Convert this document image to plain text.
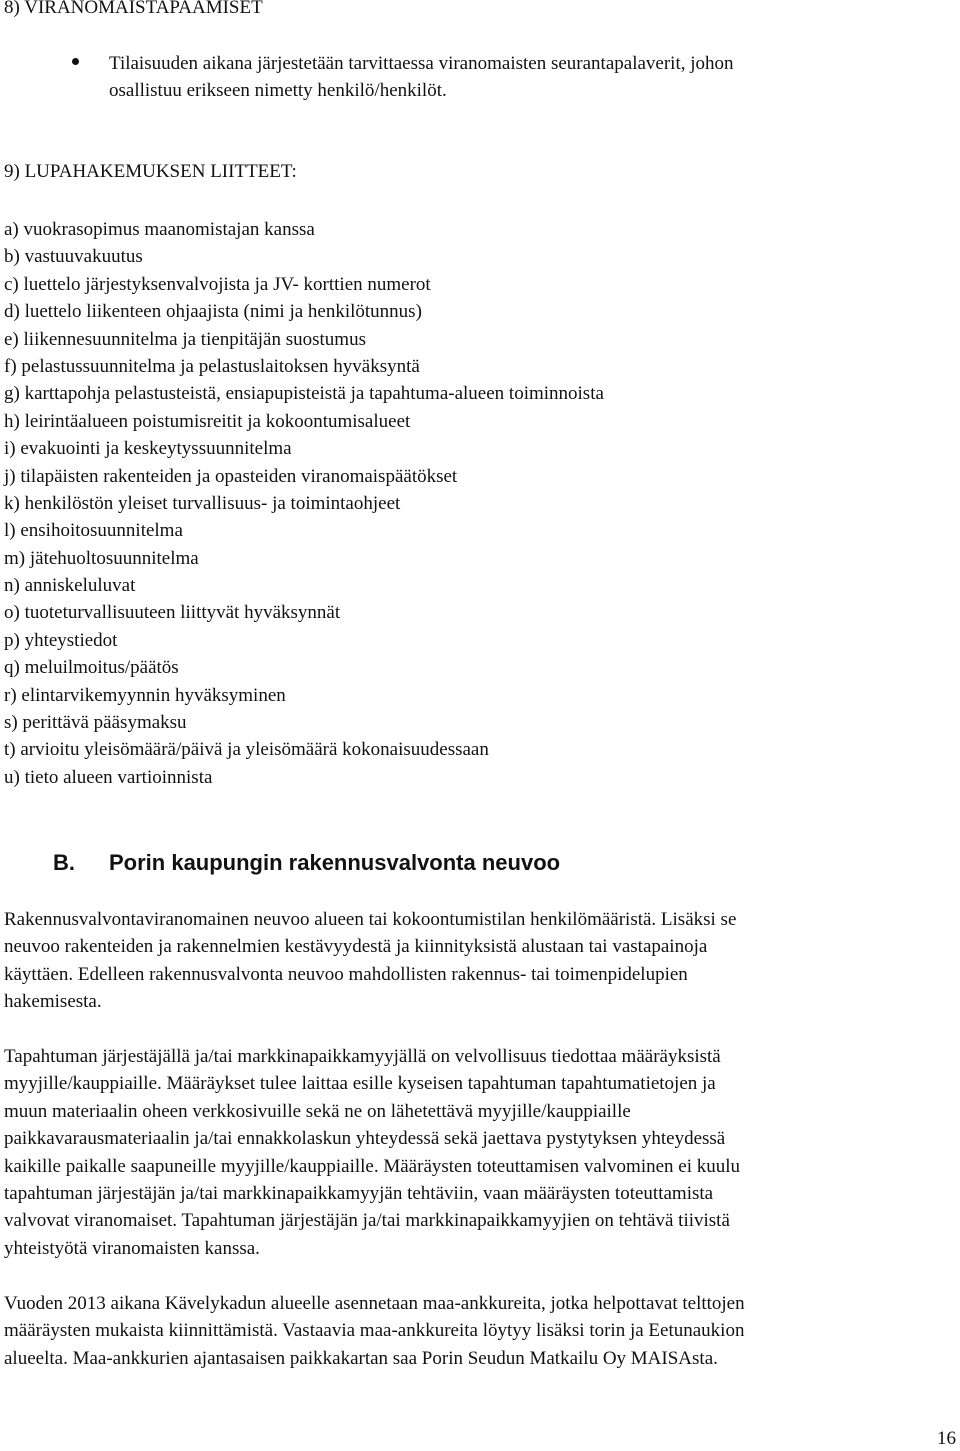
8) VIRANOMAISTAPAAMISET

Tilaisuuden aikana järjestetään tarvittaessa viranomaisten seurantapalaverit, johon
osallistuu erikseen nimetty henkilö/henkilöt.

9) LUPAHAKEMUKSEN LIITTEET:

a) vuokrasopimus maanomistajan kanssa
b) vastuuvakuutus
c) luettelo järjestyksenvalvojista ja JV- korttien numerot
d) luettelo liikenteen ohjaajista (nimi ja henkilötunnus)
e) liikennesuunnitelma ja tienpitäjän suostumus
f) pelastussuunnitelma ja pelastuslaitoksen hyväksyntä
g) karttapohja pelastusteistä, ensiapupisteistä ja tapahtuma-alueen toiminnoista
h) leirintäalueen poistumisreitit ja kokoontumisalueet
i) evakuointi ja keskeytyssuunnitelma
j) tilapäisten rakenteiden ja opasteiden viranomaispäätökset
k) henkilöstön yleiset turvallisuus- ja toimintaohjeet
l) ensihoitosuunnitelma
m) jätehuoltosuunnitelma
n) anniskeluluvat
o) tuoteturvallisuuteen liittyvät hyväksynnät
p) yhteystiedot
q) meluilmoitus/päätös
r) elintarvikemyynnin hyväksyminen
s) perittävä pääsymaksu
t) arvioitu yleisömäärä/päivä ja yleisömäärä kokonaisuudessaan
u) tieto alueen vartioinnista
B. Porin kaupungin rakennusvalvonta neuvoo

Rakennusvalvontaviranomainen neuvoo alueen tai kokoontumistilan henkilömääristä. Lisäksi se
neuvoo rakenteiden ja rakennelmien kestävyydestä ja kiinnityksistä alustaan tai vastapainoja
käyttäen. Edelleen rakennusvalvonta neuvoo mahdollisten rakennus- tai toimenpidelupien
hakemisesta.

Tapahtuman järjestäjällä ja/tai markkinapaikkamyyjällä on velvollisuus tiedottaa määräyksistä
myyjille/kauppiaille. Määräykset tulee laittaa esille kyseisen tapahtuman tapahtumatietojen ja
muun materiaalin oheen verkkosivuille sekä ne on lähetettävä myyjille/kauppiaille
paikkavarausmateriaalin ja/tai ennakkolaskun yhteydessä sekä jaettava pystytyksen yhteydessä
kaikille paikalle saapuneille myyjille/kauppiaille. Määräysten toteuttamisen valvominen ei kuulu
tapahtuman järjestäjän ja/tai markkinapaikkamyyjän tehtäviin, vaan määräysten toteuttamista
valvovat viranomaiset. Tapahtuman järjestäjän ja/tai markkinapaikkamyyjien on tehtävä tiivistä
yhteistyötä viranomaisten kanssa.

Vuoden 2013 aikana Kävelykadun alueelle asennetaan maa-ankkureita, jotka helpottavat telttojen
määräysten mukaista kiinnittämistä. Vastaavia maa-ankkureita löytyy lisäksi torin ja Eetunaukion
alueelta. Maa-ankkurien ajantasaisen paikkakartan saa Porin Seudun Matkailu Oy MAISAsta.

16
